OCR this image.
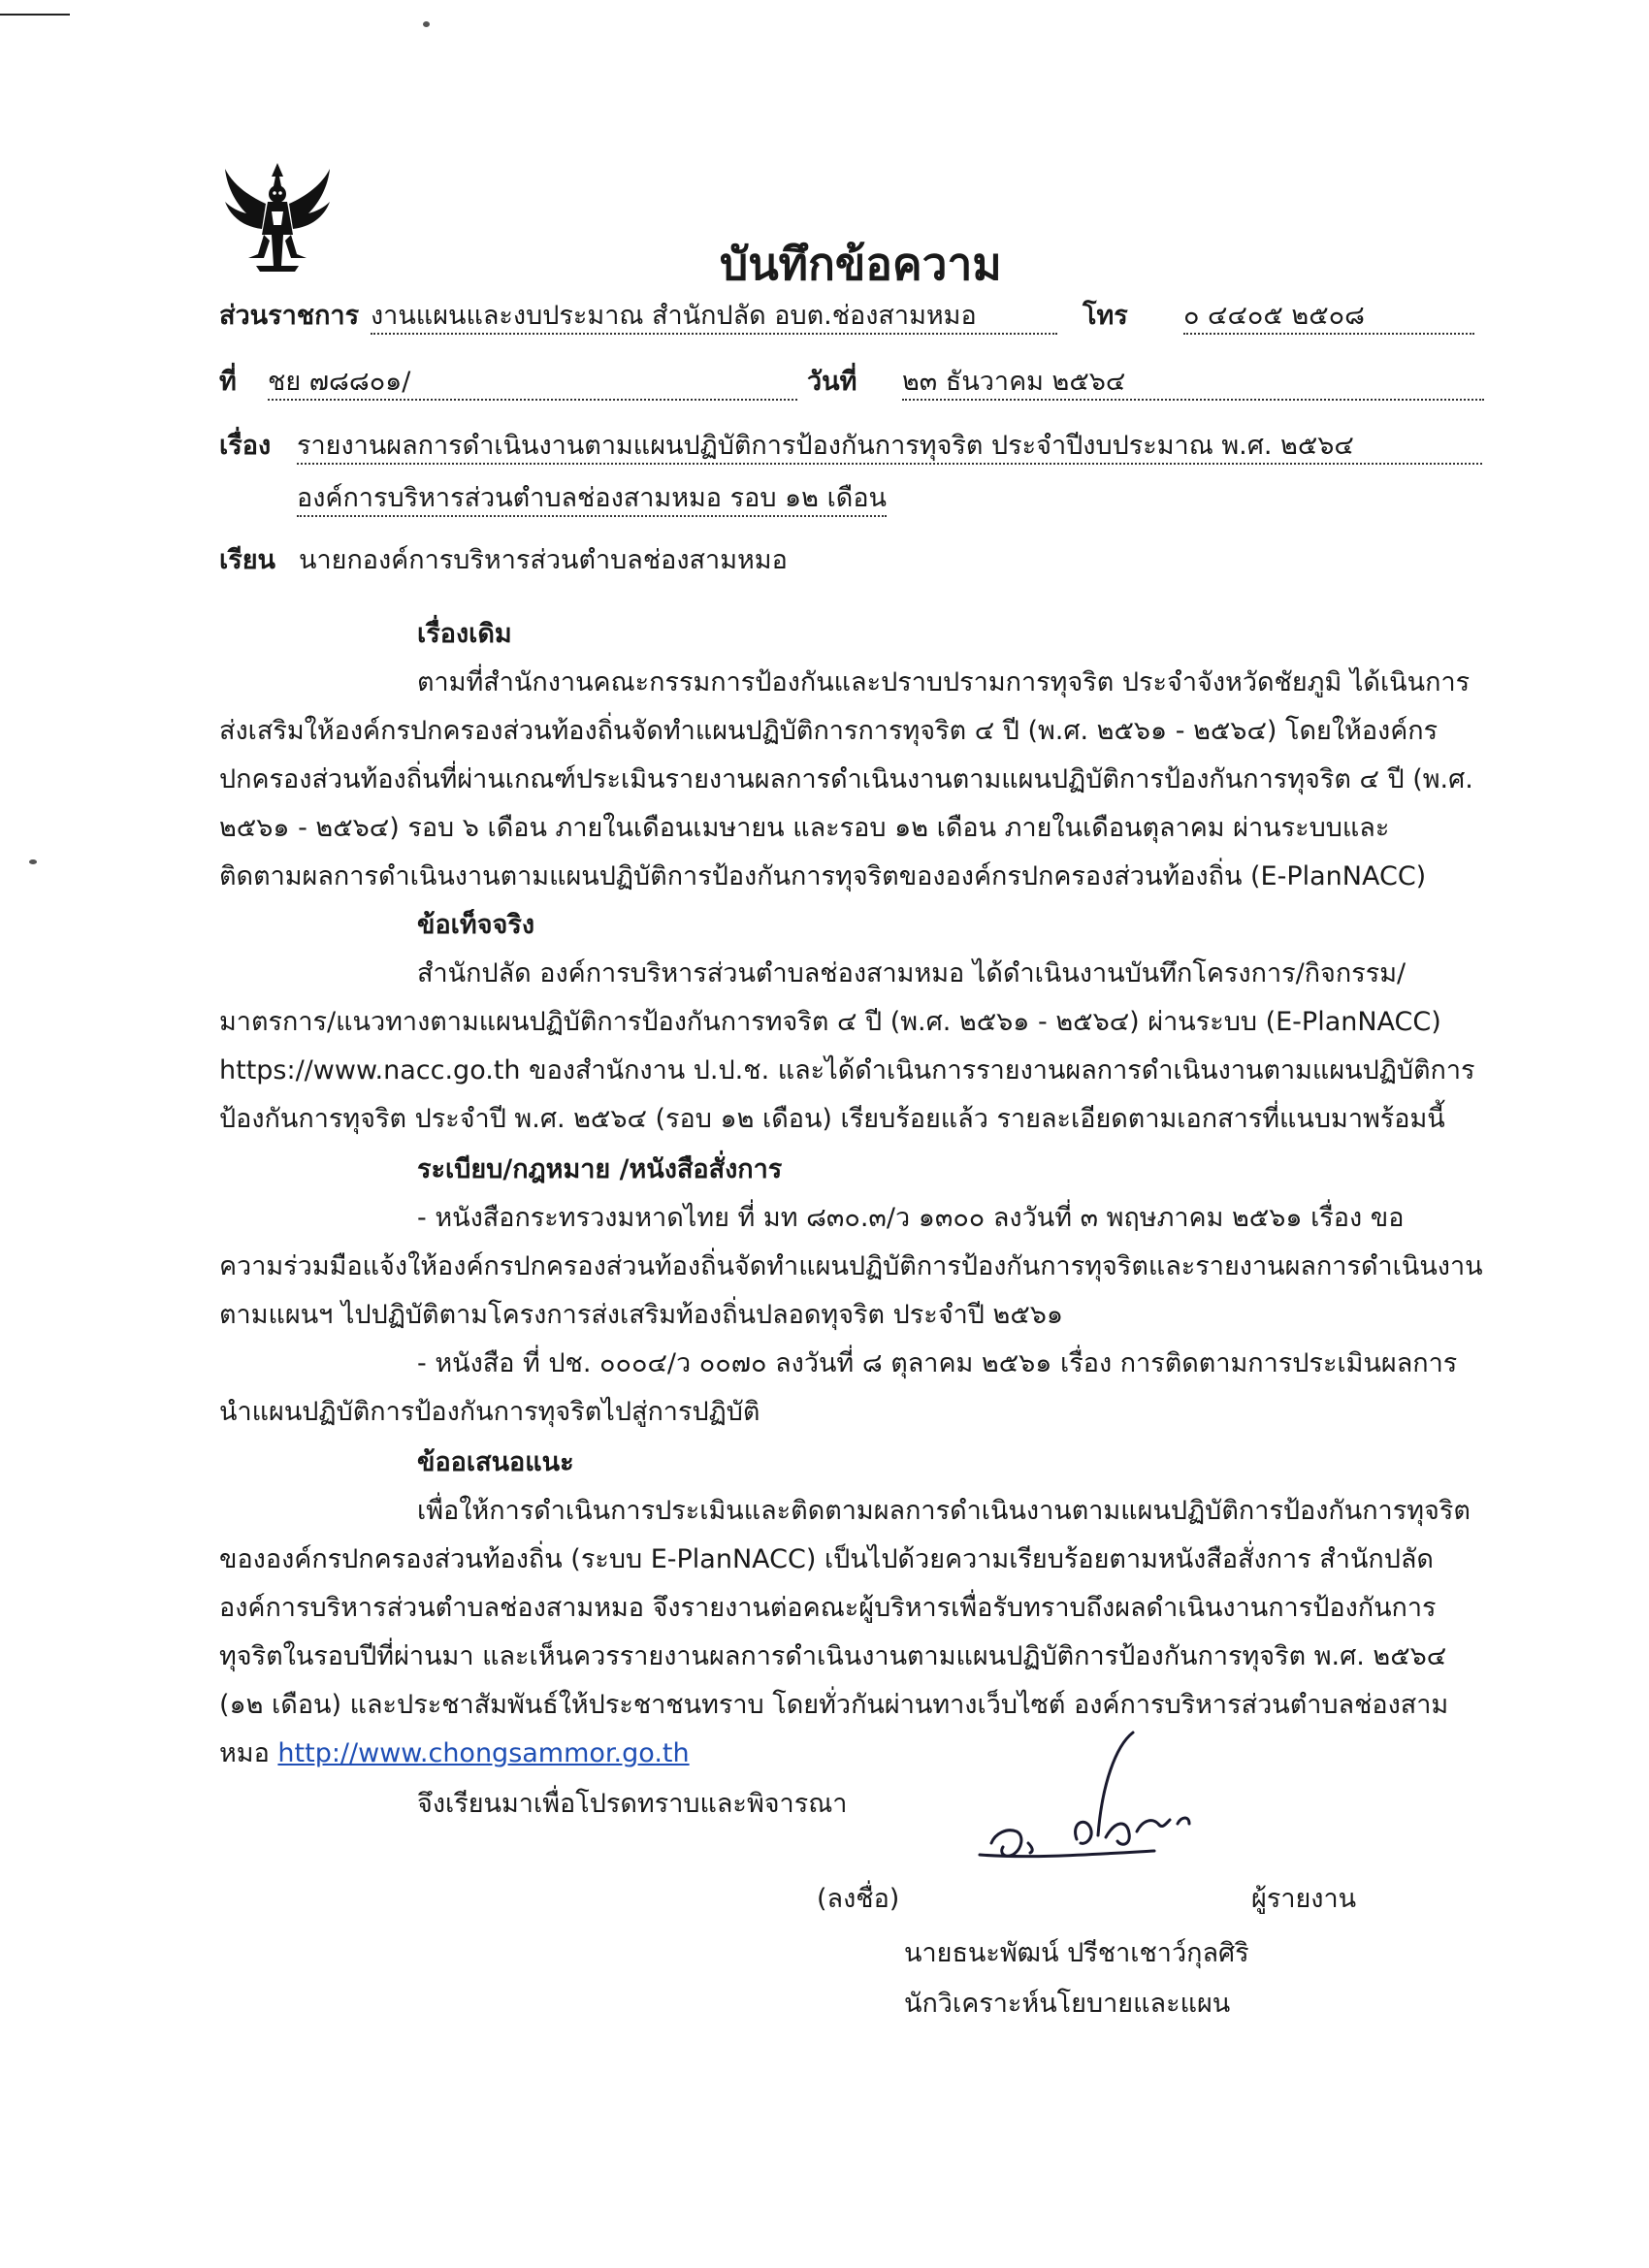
บันทึกข้อความ
ส่วนราชการ งานแผนและงบประมาณ สำนักปลัด อบต.ช่องสามหมอ	โทร ๐ ๔๔๐๕ ๒๕๐๘
ที่ ชย ๗๘๘๐๑/	วันที่ ๒๓ ธันวาคม ๒๕๖๔
เรื่อง รายงานผลการดำเนินงานตามแผนปฏิบัติการป้องกันการทุจริต ประจำปีงบประมาณ พ.ศ. ๒๕๖๔
องค์การบริหารส่วนตำบลช่องสามหมอ รอบ ๑๒ เดือน
เรียน นายกองค์การบริหารส่วนตำบลช่องสามหมอ
เรื่องเดิม
ตามที่สำนักงานคณะกรรมการป้องกันและปราบปรามการทุจริต ประจำจังหวัดชัยภูมิ ได้เนินการ
ส่งเสริมให้องค์กรปกครองส่วนท้องถิ่นจัดทำแผนปฏิบัติการการทุจริต ๔ ปี (พ.ศ. ๒๕๖๑ - ๒๕๖๔) โดยให้องค์กร
ปกครองส่วนท้องถิ่นที่ผ่านเกณฑ์ประเมินรายงานผลการดำเนินงานตามแผนปฏิบัติการป้องกันการทุจริต ๔ ปี (พ.ศ.
๒๕๖๑ - ๒๕๖๔) รอบ ๖ เดือน ภายในเดือนเมษายน และรอบ ๑๒ เดือน ภายในเดือนตุลาคม ผ่านระบบและ
ติดตามผลการดำเนินงานตามแผนปฏิบัติการป้องกันการทุจริตขององค์กรปกครองส่วนท้องถิ่น (E-PlanNACC)
ข้อเท็จจริง
สำนักปลัด องค์การบริหารส่วนตำบลช่องสามหมอ ได้ดำเนินงานบันทึกโครงการ/กิจกรรม/
มาตรการ/แนวทางตามแผนปฏิบัติการป้องกันการทจริต ๔ ปี (พ.ศ. ๒๕๖๑ - ๒๕๖๔) ผ่านระบบ (E-PlanNACC)
https://www.nacc.go.th ของสำนักงาน ป.ป.ช. และได้ดำเนินการรายงานผลการดำเนินงานตามแผนปฏิบัติการ
ป้องกันการทุจริต ประจำปี พ.ศ. ๒๕๖๔ (รอบ ๑๒ เดือน) เรียบร้อยแล้ว รายละเอียดตามเอกสารที่แนบมาพร้อมนี้
ระเบียบ/กฎหมาย /หนังสือสั่งการ
- หนังสือกระทรวงมหาดไทย ที่ มท ๘๓๐.๓/ว ๑๓๐๐ ลงวันที่ ๓ พฤษภาคม ๒๕๖๑ เรื่อง ขอ
ความร่วมมือแจ้งให้องค์กรปกครองส่วนท้องถิ่นจัดทำแผนปฏิบัติการป้องกันการทุจริตและรายงานผลการดำเนินงาน
ตามแผนฯ ไปปฏิบัติตามโครงการส่งเสริมท้องถิ่นปลอดทุจริต ประจำปี ๒๕๖๑
- หนังสือ ที่ ปช. ๐๐๐๔/ว ๐๐๗๐ ลงวันที่ ๘ ตุลาคม ๒๕๖๑ เรื่อง การติดตามการประเมินผลการ
นำแผนปฏิบัติการป้องกันการทุจริตไปสู่การปฏิบัติ
ข้ออเสนอแนะ
เพื่อให้การดำเนินการประเมินและติดตามผลการดำเนินงานตามแผนปฏิบัติการป้องกันการทุจริต
ขององค์กรปกครองส่วนท้องถิ่น (ระบบ E-PlanNACC) เป็นไปด้วยความเรียบร้อยตามหนังสือสั่งการ สำนักปลัด
องค์การบริหารส่วนตำบลช่องสามหมอ จึงรายงานต่อคณะผู้บริหารเพื่อรับทราบถึงผลดำเนินงานการป้องกันการ
ทุจริตในรอบปีที่ผ่านมา และเห็นควรรายงานผลการดำเนินงานตามแผนปฏิบัติการป้องกันการทุจริต พ.ศ. ๒๕๖๔
(๑๒ เดือน) และประชาสัมพันธ์ให้ประชาชนทราบ โดยทั่วกันผ่านทางเว็บไซต์ องค์การบริหารส่วนตำบลช่องสาม
หมอ http://www.chongsammor.go.th
จึงเรียนมาเพื่อโปรดทราบและพิจารณา
(ลงชื่อ)	ผู้รายงาน
นายธนะพัฒน์ ปรีชาเชาว์กุลศิริ
นักวิเคราะห์นโยบายและแผน
